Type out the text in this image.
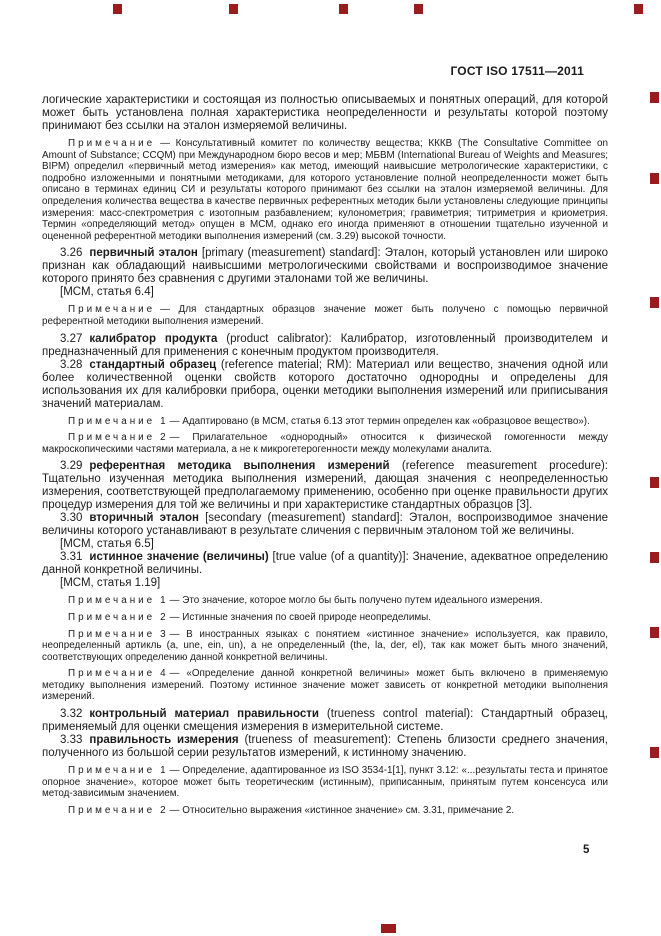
ГОСТ ISO 17511—2011

логические характеристики и состоящая из полностью описываемых и понятных операций, для которой может быть установлена полная характеристика неопределенности и результаты которой поэтому принимают без ссылки на эталон измеряемой величины.

Примечание — Консультативный комитет по количеству вещества; КККВ (The Consultative Committee on Amount of Substance; CCQM) при Международном бюро весов и мер; МБВМ (International Bureau of Weights and Measures; BIPM) определил «первичный метод измерения» как метод, имеющий наивысшие метрологические характеристики, с подробно изложенными и понятными методиками, для которого установление полной неопределенности может быть описано в терминах единиц СИ и результаты которого принимают без ссылки на эталон измеряемой величины. Для определения количества вещества в качестве первичных референтных методик были установлены следующие принципы измерения: масс-спектрометрия с изотопным разбавлением; кулонометрия; гравиметрия; титриметрия и криометрия. Термин «определяющий метод» опущен в МСМ, однако его иногда применяют в отношении тщательно изученной и оцененной референтной методики выполнения измерений (см. 3.29) высокой точности.

3.26 первичный эталон [primary (measurement) standard]: Эталон, который установлен или широко признан как обладающий наивысшими метрологическими свойствами и воспроизводимое значение которого принято без сравнения с другими эталонами той же величины.

[МСМ, статья 6.4]

Примечание — Для стандартных образцов значение может быть получено с помощью первичной референтной методики выполнения измерений.

3.27 калибратор продукта (product calibrator): Калибратор, изготовленный производителем и предназначенный для применения с конечным продуктом производителя.

3.28 стандартный образец (reference material; RM): Материал или вещество, значения одной или более количественной оценки свойств которого достаточно однородны и определены для использования их для калибровки прибора, оценки методики выполнения измерений или приписывания значений материалам.

Примечание 1 — Адаптировано (в МСМ, статья 6.13 этот термин определен как «образцовое вещество»).

Примечание 2 — Прилагательное «однородный» относится к физической гомогенности между макроскопическими частями материала, а не к микрогетерогенности между молекулами аналита.

3.29 референтная методика выполнения измерений (reference measurement procedure): Тщательно изученная методика выполнения измерений, дающая значения с неопределенностью измерения, соответствующей предполагаемому применению, особенно при оценке правильности других процедур измерения для той же величины и при характеристике стандартных образцов [3].

3.30 вторичный эталон [secondary (measurement) standard]: Эталон, воспроизводимое значение величины которого устанавливают в результате сличения с первичным эталоном той же величины.

[МСМ, статья 6.5]

3.31 истинное значение (величины) [true value (of a quantity)]: Значение, адекватное определению данной конкретной величины.

[МСМ, статья 1.19]

Примечание 1 — Это значение, которое могло бы быть получено путем идеального измерения.

Примечание 2 — Истинные значения по своей природе неопределимы.

Примечание 3 — В иностранных языках с понятием «истинное значение» используется, как правило, неопределенный артикль (a, une, ein, un), а не определенный (the, la, der, el), так как может быть много значений, соответствующих определению данной конкретной величины.

Примечание 4 — «Определение данной конкретной величины» может быть включено в применяемую методику выполнения измерений. Поэтому истинное значение может зависеть от конкретной методики выполнения измерений.

3.32 контрольный материал правильности (trueness control material): Стандартный образец, применяемый для оценки смещения измерения в измерительной системе.

3.33 правильность измерения (trueness of measurement): Степень близости среднего значения, полученного из большой серии результатов измерений, к истинному значению.

Примечание 1 — Определение, адаптированное из ISO 3534-1[1], пункт 3.12: «...результаты теста и принятое опорное значение», которое может быть теоретическим (истинным), приписанным, принятым путем консенсуса или метод-зависимым значением.

Примечание 2 — Относительно выражения «истинное значение» см. 3.31, примечание 2.

5
